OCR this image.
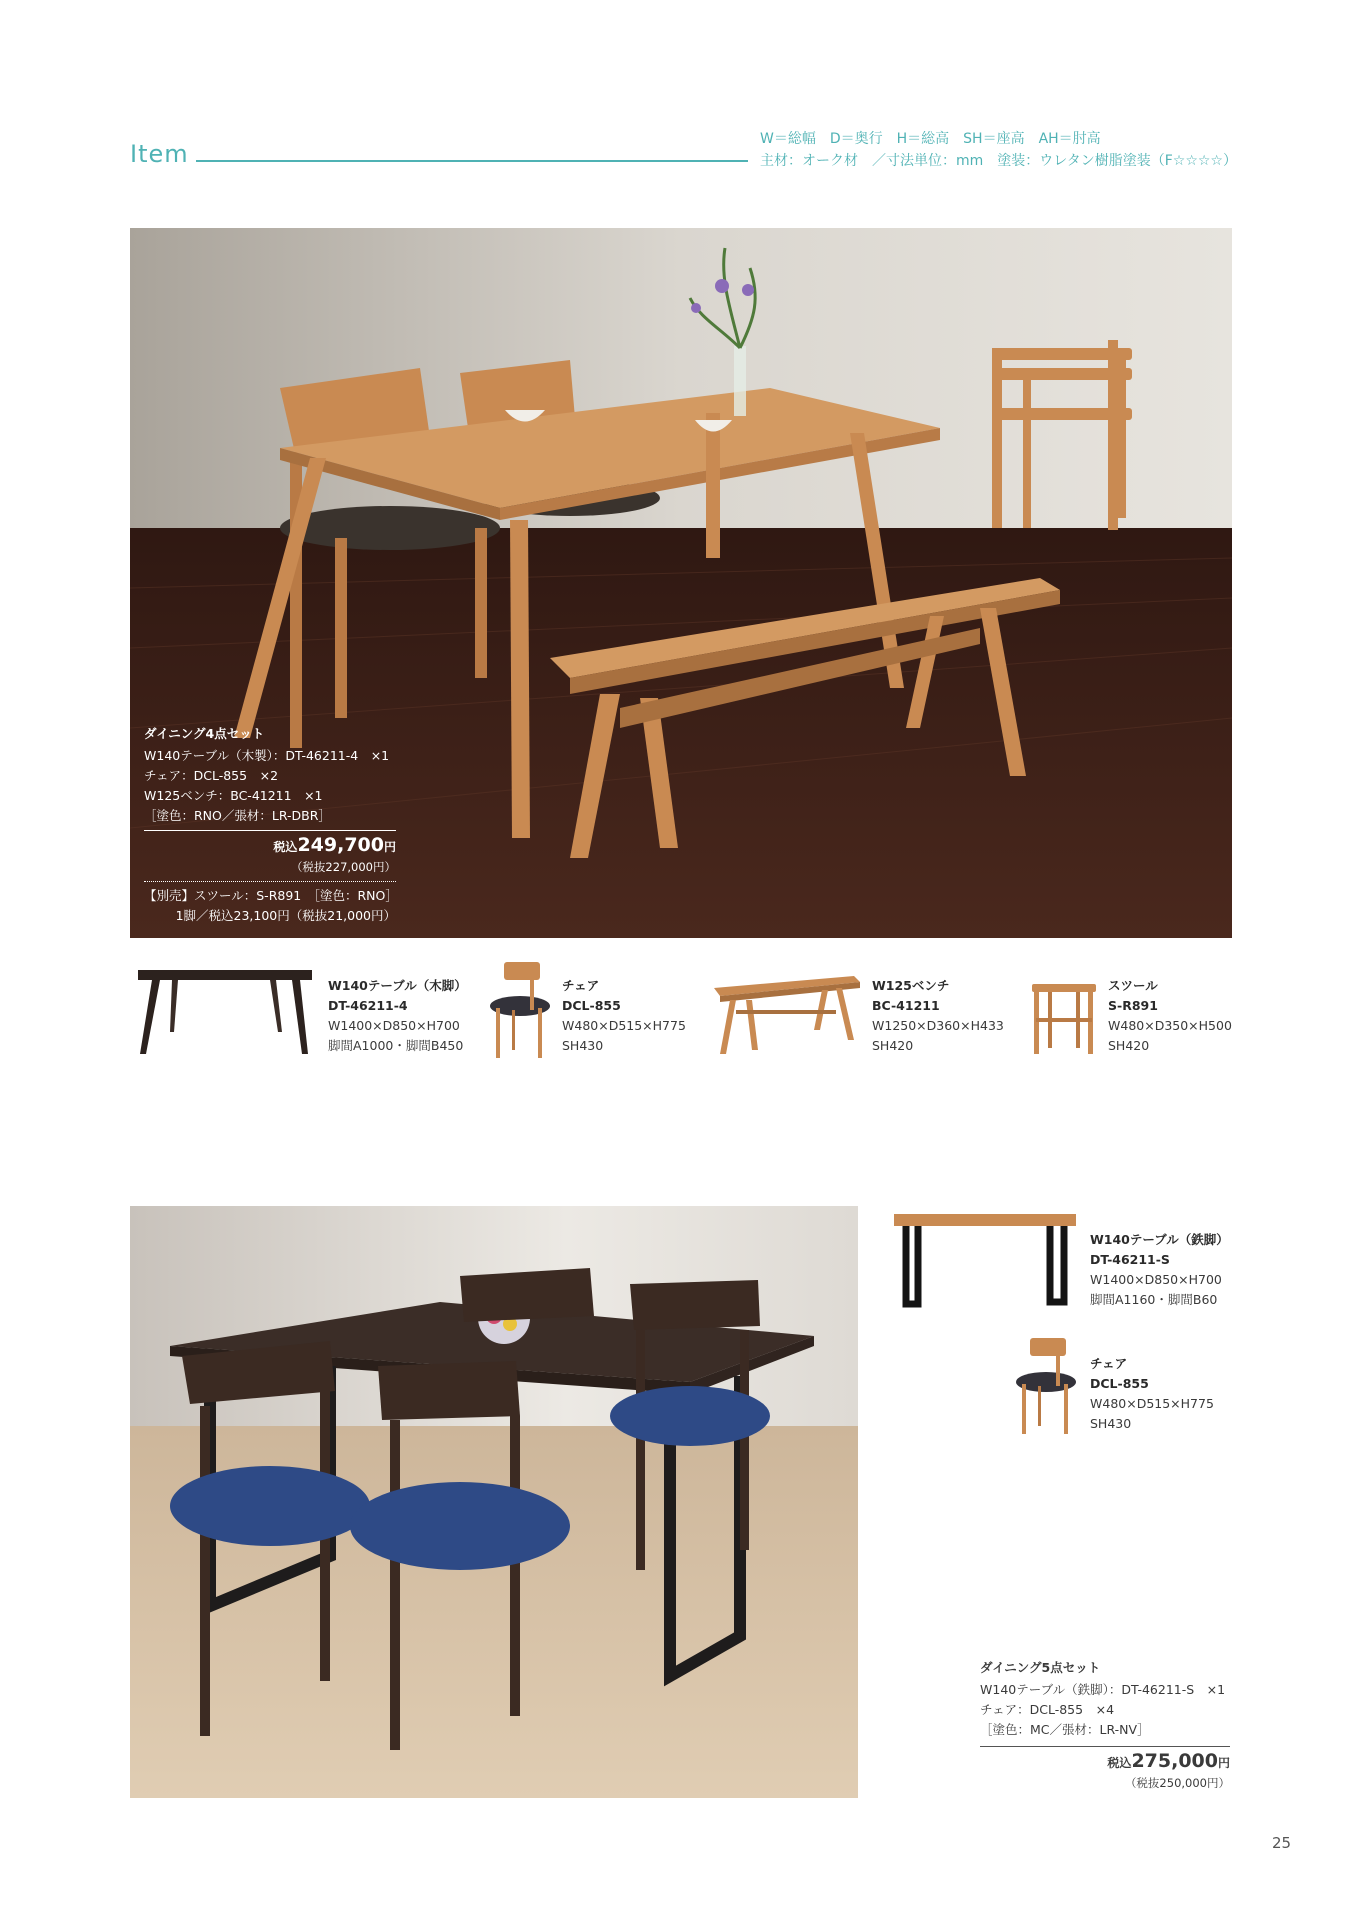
Item
W＝総幅　D＝奥行　H＝総高　SH＝座高　AH＝肘高
主材：オーク材　／寸法単位：mm　塗装：ウレタン樹脂塗装（F☆☆☆☆）
ダイニング4点セット
W140テーブル（木製）：DT-46211-4　×1
チェア：DCL-855　×2
W125ベンチ：BC-41211　×1
［塗色：RNO／張材：LR-DBR］
税込249,700円
（税抜227,000円）
【別売】スツール：S-R891　［塗色：RNO］
1脚／税込23,100円（税抜21,000円）
W140テーブル（木脚）
DT-46211-4
W1400×D850×H700
脚間A1000・脚間B450
チェア
DCL-855
W480×D515×H775
SH430
W125ベンチ
BC-41211
W1250×D360×H433
SH420
スツール
S-R891
W480×D350×H500
SH420
W140テーブル（鉄脚）
DT-46211-S
W1400×D850×H700
脚間A1160・脚間B60
チェア
DCL-855
W480×D515×H775
SH430
ダイニング5点セット
W140テーブル（鉄脚）：DT-46211-S　×1
チェア：DCL-855　×4
［塗色：MC／張材：LR-NV］
税込275,000円
（税抜250,000円）
25
